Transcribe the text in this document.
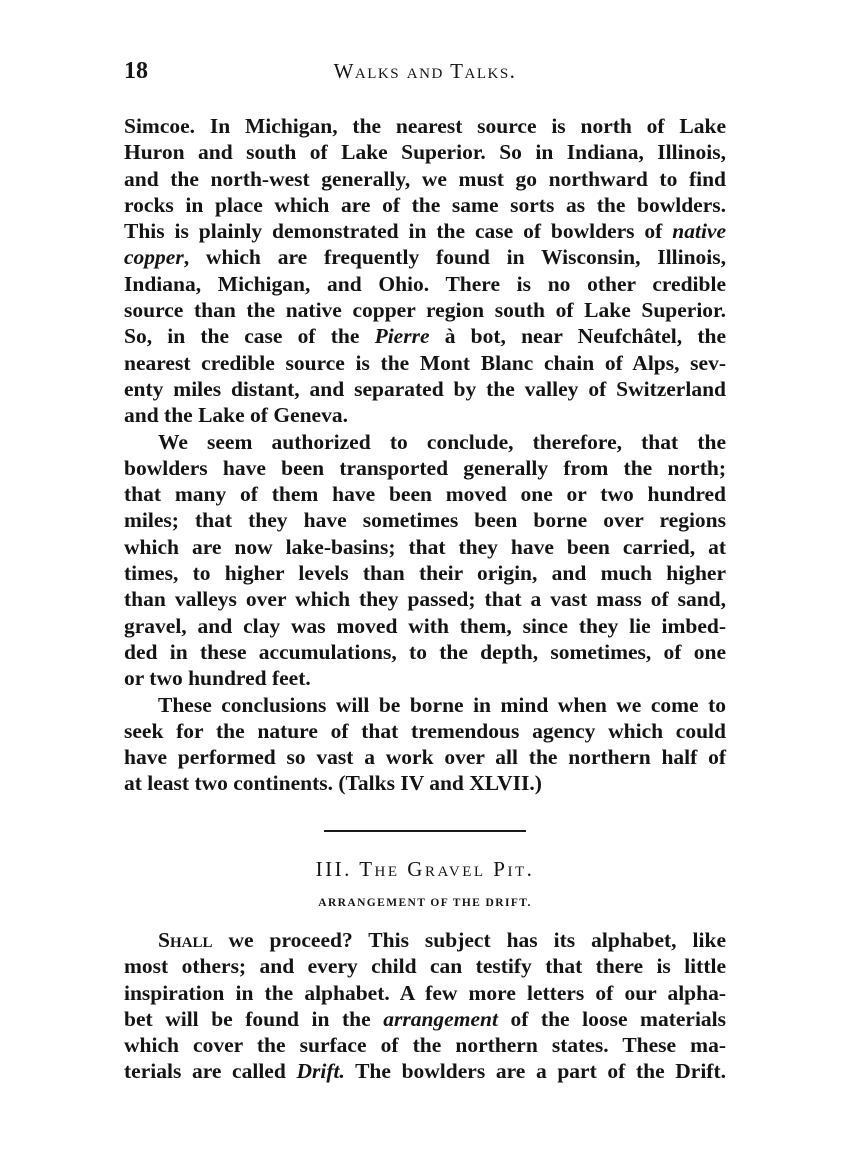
18	Walks and Talks.
Simcoe. In Michigan, the nearest source is north of Lake
Huron and south of Lake Superior. So in Indiana, Illinois,
and the north-west generally, we must go northward to find
rocks in place which are of the same sorts as the bowlders.
This is plainly demonstrated in the case of bowlders of native
copper, which are frequently found in Wisconsin, Illinois,
Indiana, Michigan, and Ohio. There is no other credible
source than the native copper region south of Lake Superior.
So, in the case of the Pierre à bot, near Neufchâtel, the
nearest credible source is the Mont Blanc chain of Alps, sev-
enty miles distant, and separated by the valley of Switzerland
and the Lake of Geneva.
We seem authorized to conclude, therefore, that the
bowlders have been transported generally from the north;
that many of them have been moved one or two hundred
miles; that they have sometimes been borne over regions
which are now lake-basins; that they have been carried, at
times, to higher levels than their origin, and much higher
than valleys over which they passed; that a vast mass of sand,
gravel, and clay was moved with them, since they lie imbed-
ded in these accumulations, to the depth, sometimes, of one
or two hundred feet.
These conclusions will be borne in mind when we come to
seek for the nature of that tremendous agency which could
have performed so vast a work over all the northern half of
at least two continents. (Talks IV and XLVII.)
III. The Gravel Pit.
ARRANGEMENT OF THE DRIFT.
Shall we proceed? This subject has its alphabet, like
most others; and every child can testify that there is little
inspiration in the alphabet. A few more letters of our alpha-
bet will be found in the arrangement of the loose materials
which cover the surface of the northern states. These ma-
terials are called Drift. The bowlders are a part of the Drift.
